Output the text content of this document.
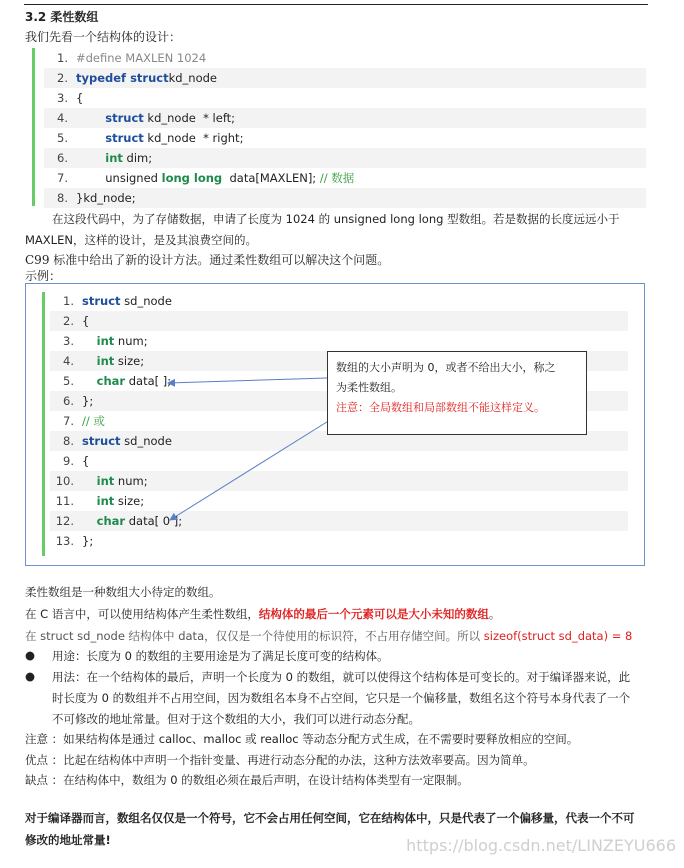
3.2 柔性数组
我们先看一个结构体的设计：
1. #define MAXLEN 1024
2. typedef structkd_node
3. {
4.	struct kd_node  * left;
5.	struct kd_node  * right;
6.	int dim;
7.        unsigned long long  data[MAXLEN]; // 数据
8. }kd_node;
在这段代码中，为了存储数据，申请了长度为 1024 的 unsigned long long 型数组。若是数据的长度远远小于
MAXLEN，这样的设计，是及其浪费空间的。
C99 标准中给出了新的设计方法。通过柔性数组可以解决这个问题。
示例：
1. struct sd_node
2. {
3. int num;
4. int size;
5. char data[ ];
6. };
7. // 或
8. struct sd_node
9. {
10. int num;
11. int size;
12. char data[ 0 ];
13. };
数组的大小声明为 0，或者不给出大小，称之
为柔性数组。
注意：全局数组和局部数组不能这样定义。
柔性数组是一种数组大小待定的数组。
在 C 语言中，可以使用结构体产生柔性数组，结构体的最后一个元素可以是大小未知的数组。
在 struct sd_node 结构体中 data，仅仅是一个待使用的标识符，不占用存储空间。所以 sizeof(struct sd_data) = 8
● 用途：长度为 0 的数组的主要用途是为了满足长度可变的结构体。
● 用法：在一个结构体的最后，声明一个长度为 0 的数组，就可以使得这个结构体是可变长的。对于编译器来说，此
时长度为 0 的数组并不占用空间，因为数组名本身不占空间，它只是一个偏移量，数组名这个符号本身代表了一个
不可修改的地址常量。但对于这个数组的大小，我们可以进行动态分配。
注意 ：如果结构体是通过 calloc、malloc 或 realloc 等动态分配方式生成，在不需要时要释放相应的空间。
优点 ：比起在结构体中声明一个指针变量、再进行动态分配的办法，这种方法效率要高。因为简单。
缺点 ：在结构体中，数组为 0 的数组必须在最后声明，在设计结构体类型有一定限制。
对于编译器而言，数组名仅仅是一个符号，它不会占用任何空间，它在结构体中，只是代表了一个偏移量，代表一个不可
修改的地址常量!	https://blog.csdn.net/LINZEYU666
